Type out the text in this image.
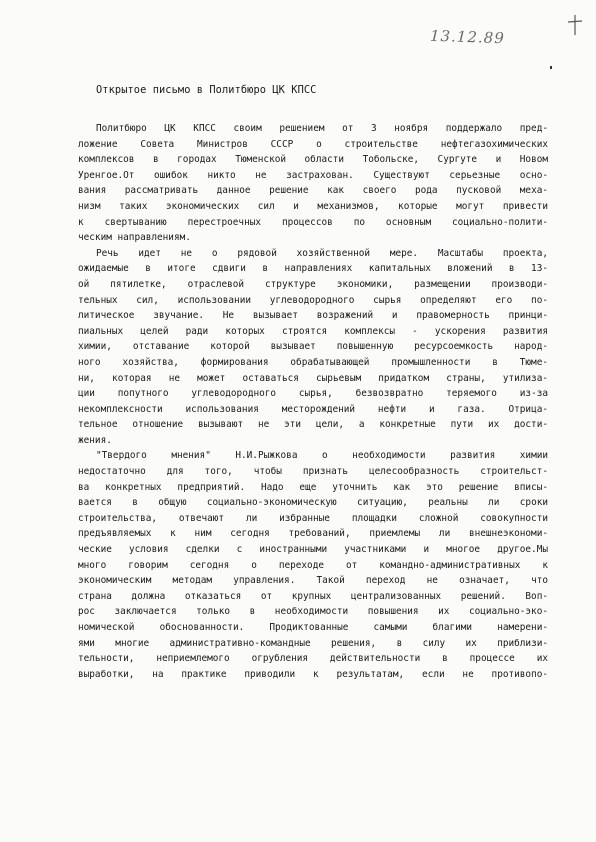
13.12.89
Открытое письмо в Политбюро ЦК КПСС
Политбюро ЦК КПСС своим решением от 3 ноября поддержало пред-
ложение Совета Министров СССР о строительстве нефтегазохимических
комплексов в городах Тюменской области Тобольске, Сургуте и Новом
Уренгое.От ошибок никто не застрахован. Существуют серьезные осно-
вания рассматривать данное решение как своего рода пусковой меха-
низм таких экономических сил и механизмов, которые могут привести
к свертыванию перестроечных процессов по основным социально-полити-
ческим направлениям.
Речь идет не о рядовой хозяйственной мере. Масштабы проекта,
ожидаемые в итоге сдвиги в направлениях капитальных вложений в 13-
ой пятилетке, отраслевой структуре экономики, размещении производи-
тельных сил, использовании углеводородного сырья определяют его по-
литическое звучание. Не вызывает возражений и правомерность принци-
пиальных целей ради которых строятся комплексы - ускорения развития
химии, отставание которой вызывает повышенную ресурсоемкость народ-
ного хозяйства, формирования обрабатывающей промышленности в Тюме-
ни, которая не может оставаться сырьевым придатком страны, утилиза-
ции попутного углеводородного сырья, безвозвратно теряемого из-за
некомплексности использования месторождений нефти и газа. Отрица-
тельное отношение вызывают не эти цели, а конкретные пути их дости-
жения.
"Твердого мнения" Н.И.Рыжкова о необходимости развития химии
недостаточно для того, чтобы признать целесообразность строительст-
ва конкретных предприятий. Надо еще уточнить как это решение вписы-
вается в общую социально-экономическую ситуацию, реальны ли сроки
строительства, отвечают ли избранные площадки сложной совокупности
предъявляемых к ним сегодня требований, приемлемы ли внешнеэкономи-
ческие условия сделки с иностранными участниками и многое другое.Мы
много говорим сегодня о переходе от командно-административных к
экономическим методам управления. Такой переход не означает, что
страна должна отказаться от крупных централизованных решений. Воп-
рос заключается только в необходимости повышения их социально-эко-
номической обоснованности. Продиктованные самыми благими намерени-
ями многие административно-командные решения, в силу их приблизи-
тельности, неприемлемого огрубления действительности в процессе их
выработки, на практике приводили к результатам, если не противопо-
